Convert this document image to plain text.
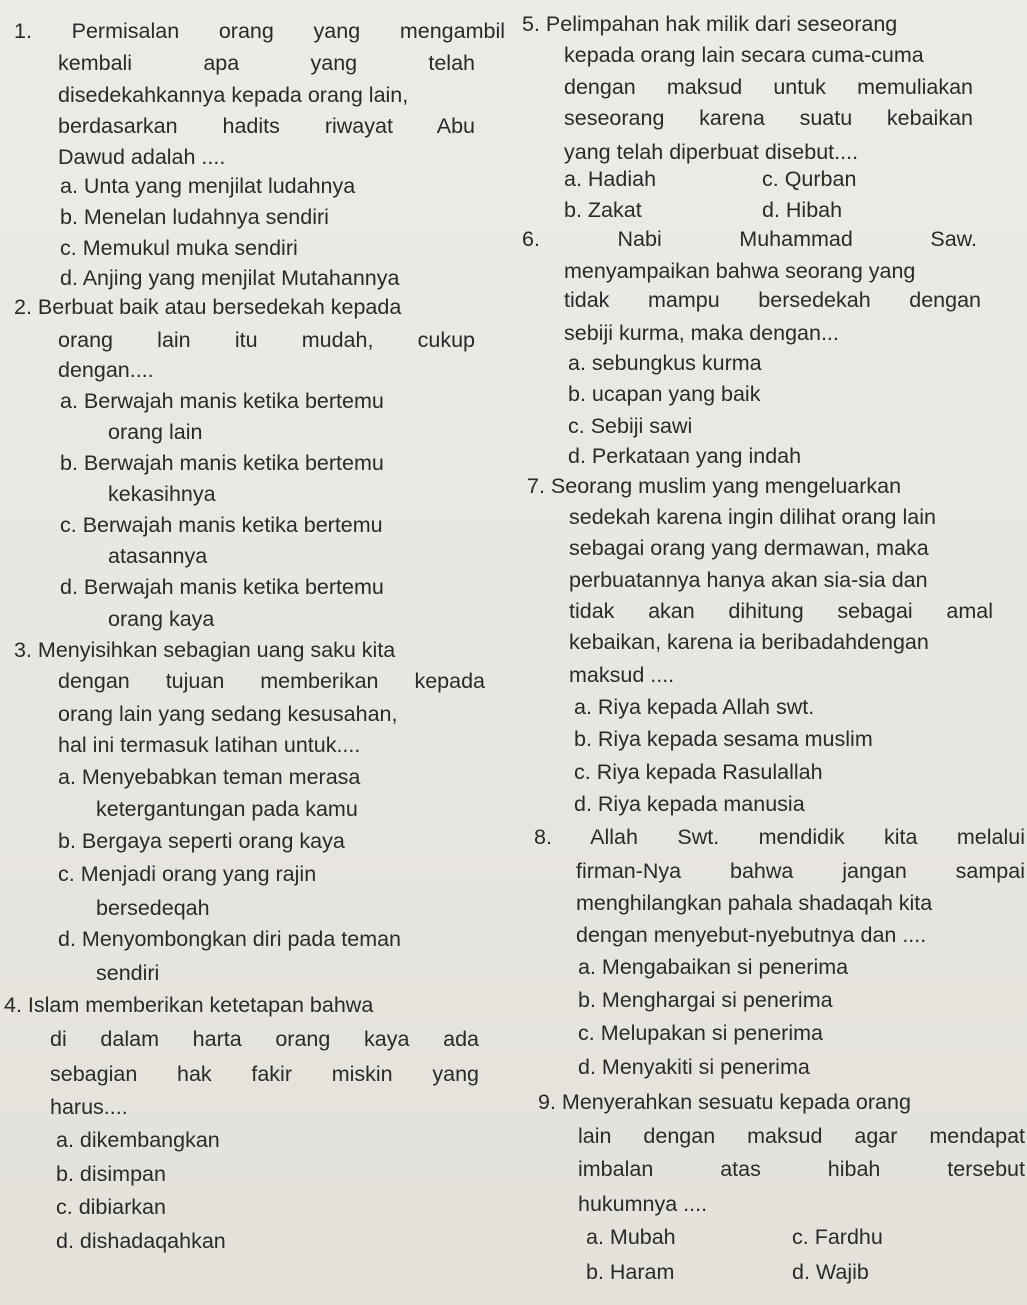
1. Permisalan orang yang mengambil
kembali apa yang telah
disedekahkannya kepada orang lain,
berdasarkan hadits riwayat Abu
Dawud adalah ....
a. Unta yang menjilat ludahnya
b. Menelan ludahnya sendiri
c. Memukul muka sendiri
d. Anjing yang menjilat Mutahannya
2. Berbuat baik atau bersedekah kepada
orang lain itu mudah, cukup
dengan....
a. Berwajah manis ketika bertemu
orang lain
b. Berwajah manis ketika bertemu
kekasihnya
c. Berwajah manis ketika bertemu
atasannya
d. Berwajah manis ketika bertemu
orang kaya
3. Menyisihkan sebagian uang saku kita
dengan tujuan memberikan kepada
orang lain yang sedang kesusahan,
hal ini termasuk latihan untuk....
a. Menyebabkan teman merasa
ketergantungan pada kamu
b. Bergaya seperti orang kaya
c. Menjadi orang yang rajin
bersedeqah
d. Menyombongkan diri pada teman
sendiri
4. Islam memberikan ketetapan bahwa
di dalam harta orang kaya ada
sebagian hak fakir miskin yang
harus....
a. dikembangkan
b. disimpan
c. dibiarkan
d. dishadaqahkan
5. Pelimpahan hak milik dari seseorang
kepada orang lain secara cuma-cuma
dengan maksud untuk memuliakan
seseorang karena suatu kebaikan
yang telah diperbuat disebut....
a. Hadiah	c. Qurban
b. Zakat	d. Hibah
6. Nabi Muhammad Saw.
menyampaikan bahwa seorang yang
tidak mampu bersedekah dengan
sebiji kurma, maka dengan...
a. sebungkus kurma
b. ucapan yang baik
c. Sebiji sawi
d. Perkataan yang indah
7. Seorang muslim yang mengeluarkan
sedekah karena ingin dilihat orang lain
sebagai orang yang dermawan, maka
perbuatannya hanya akan sia-sia dan
tidak akan dihitung sebagai amal
kebaikan, karena ia beribadahdengan
maksud ....
a. Riya kepada Allah swt.
b. Riya kepada sesama muslim
c. Riya kepada Rasulallah
d. Riya kepada manusia
8. Allah Swt. mendidik kita melalui
firman-Nya bahwa jangan sampai
menghilangkan pahala shadaqah kita
dengan menyebut-nyebutnya dan ....
a. Mengabaikan si penerima
b. Menghargai si penerima
c. Melupakan si penerima
d. Menyakiti si penerima
9. Menyerahkan sesuatu kepada orang
lain dengan maksud agar mendapat
imbalan atas hibah tersebut
hukumnya ....
a. Mubah	c. Fardhu
b. Haram	d. Wajib
